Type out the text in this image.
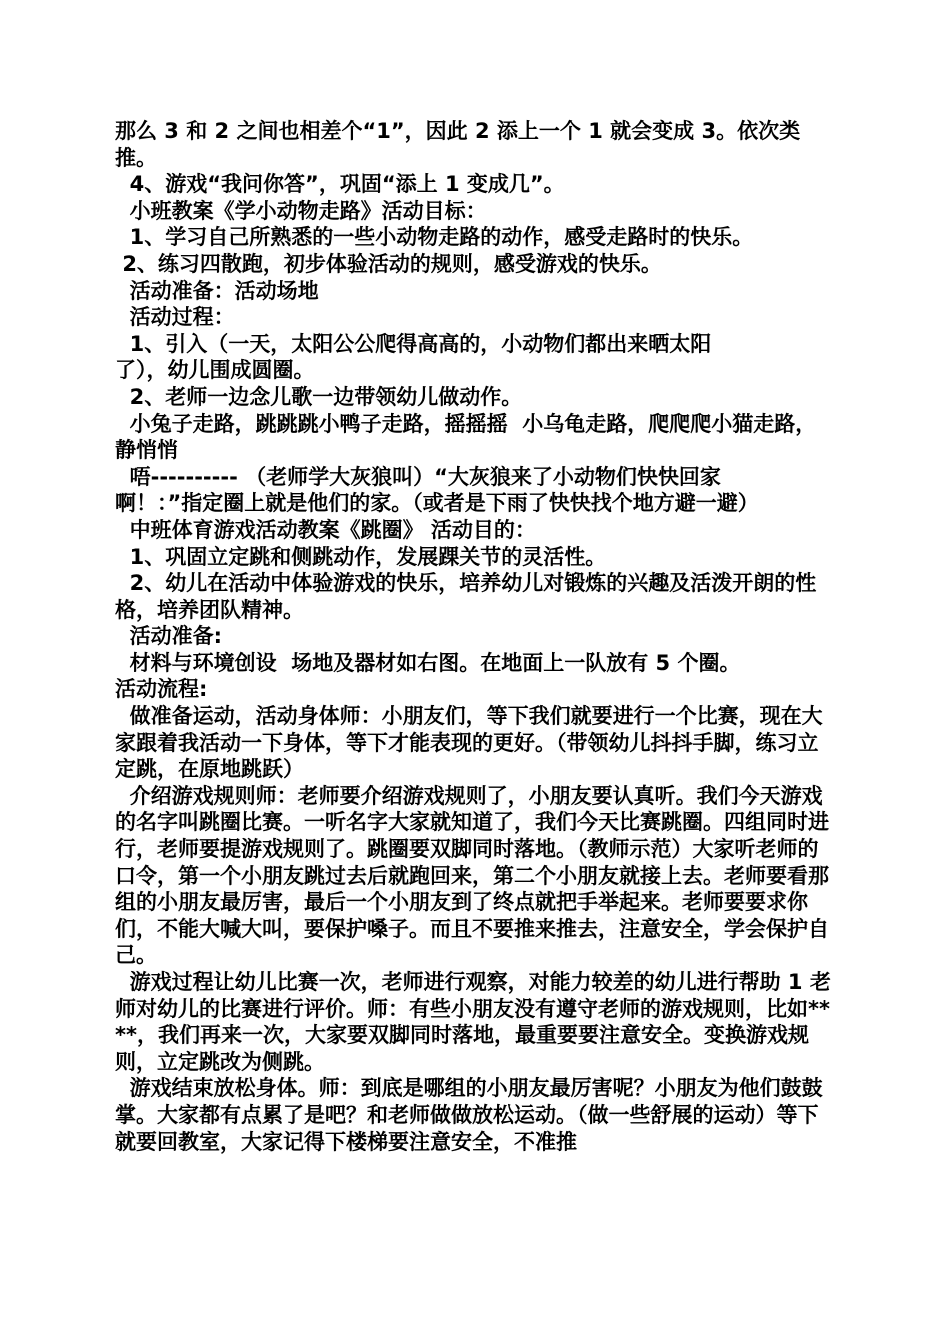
那么 3 和 2 之间也相差个“1”，因此 2 添上一个 1 就会变成 3。依次类推。

4、游戏“我问你答”，巩固“添上 1 变成几”。

小班教案《学小动物走路》活动目标：

1、学习自己所熟悉的一些小动物走路的动作，感受走路时的快乐。

2、练习四散跑，初步体验活动的规则，感受游戏的快乐。

活动准备：活动场地

活动过程：

1、引入（一天，太阳公公爬得高高的，小动物们都出来晒太阳

了），幼儿围成圆圈。

2、老师一边念儿歌一边带领幼儿做动作。

小兔子走路，跳跳跳小鸭子走路，摇摇摇  小乌龟走路，爬爬爬小猫走路，静悄悄

唔---------- （老师学大灰狼叫）“大灰狼来了小动物们快快回家

啊！：”指定圈上就是他们的家。（或者是下雨了快快找个地方避一避）

中班体育游戏活动教案《跳圈》 活动目的：

1、巩固立定跳和侧跳动作，发展踝关节的灵活性。

2、幼儿在活动中体验游戏的快乐，培养幼儿对锻炼的兴趣及活泼开朗的性格，培养团队精神。

活动准备:

材料与环境创设  场地及器材如右图。在地面上一队放有 5 个圈。

活动流程:

做准备运动，活动身体师：小朋友们，等下我们就要进行一个比赛，现在大家跟着我活动一下身体，等下才能表现的更好。（带领幼儿抖抖手脚，练习立定跳，在原地跳跃）

介绍游戏规则师：老师要介绍游戏规则了，小朋友要认真听。我们今天游戏的名字叫跳圈比赛。一听名字大家就知道了，我们今天比赛跳圈。四组同时进行，老师要提游戏规则了。跳圈要双脚同时落地。（教师示范）大家听老师的口令，第一个小朋友跳过去后就跑回来，第二个小朋友就接上去。老师要看那组的小朋友最厉害，最后一个小朋友到了终点就把手举起来。老师要要求你们，不能大喊大叫，要保护嗓子。而且不要推来推去，注意安全，学会保护自己。

游戏过程让幼儿比赛一次，老师进行观察，对能力较差的幼儿进行帮助 1 老师对幼儿的比赛进行评价。师：有些小朋友没有遵守老师的游戏规则，比如****，我们再来一次，大家要双脚同时落地，最重要要注意安全。变换游戏规则，立定跳改为侧跳。

游戏结束放松身体。师：到底是哪组的小朋友最厉害呢？小朋友为他们鼓鼓掌。大家都有点累了是吧？和老师做做放松运动。（做一些舒展的运动）等下就要回教室，大家记得下楼梯要注意安全，不准推
